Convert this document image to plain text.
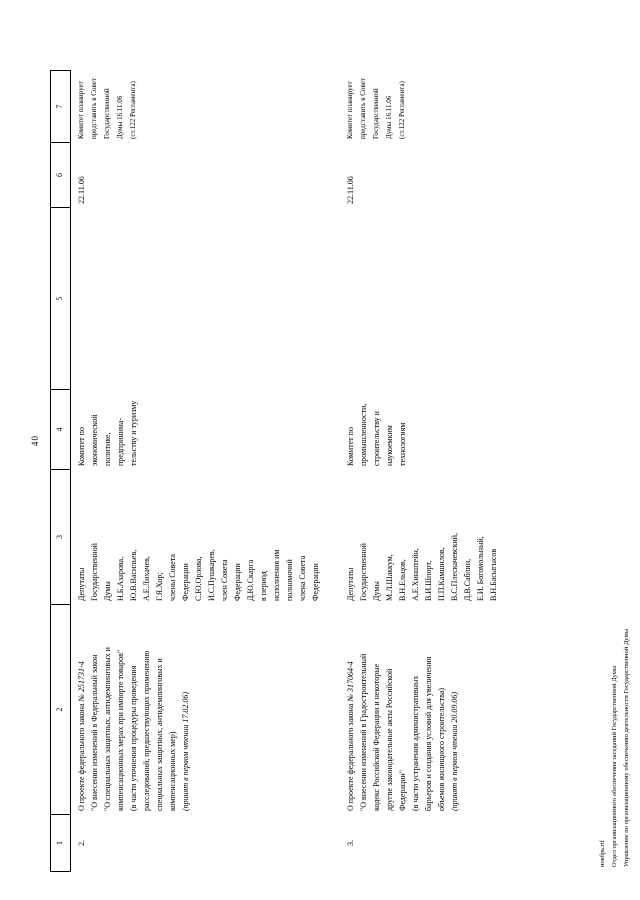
40
1
2
3
4
5
6
7
2.
О проекте федерального закона № 251731-4 "О внесении изменений в Федеральный закон "О специальных защитных, антидемпинговых и компенсационных мерах при импорте товаров" (в части уточнения процедуры проведения расследований, предшествующих применению специальных защитных, антидемпинговых и компенсационных мер) (принят в первом чтении 17.02.06)
Депутаты Государственной Думы Н.Б.Азарова, Ю.В.Васильев, А.Е.Лихачев, Г.Я.Хор; члены Совета Федерации С.Ю.Орлова, И.С.Пушкарев, член Совета Федерации Д.Ю.Скарга в период исполнения им полномочий члена Совета Федерации
Комитет по экономической политике, предпринима- тельству и туризму
22.11.06
Комитет планирует представить в Совет Государственной Думы 16.11.06 (ст.122 Регламента)
3.
О проекте федерального закона № 317064-4 "О внесении изменений в Градостроительный кодекс Российской Федерации и некоторые другие законодательные акты Российской Федерации" (в части устранения административных барьеров и создания условий для увеличения объемов жилищного строительства) (принят в первом чтении 20.09.06)
Депутаты Государственной Думы М.Л.Шаккум, В.Н.Ельцов, А.Е.Хинштейн, В.И.Шпорт, П.П.Камшилов, В.С.Плескачевский, Д.В.Саблин, Е.И. Богомольный, В.Н.Басыгысов
Комитет по промышленности, строительству и наукоемким технологиям
22.11.06
Комитет планирует представить в Совет Государственной Думы 16.11.06 (ст.122 Регламента)
ноябрь.rtf Отдел организационного обеспечения заседаний Государственной Думы Управление по организационному обеспечению деятельности Государственной Думы
